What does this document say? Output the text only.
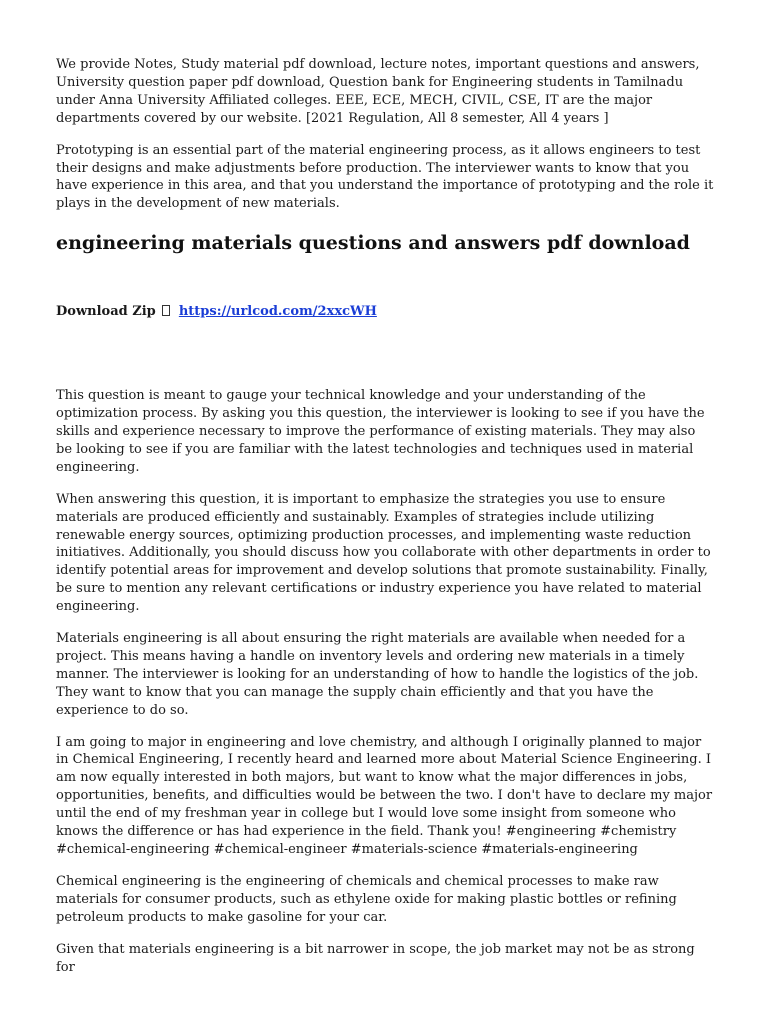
We provide Notes, Study material pdf download, lecture notes, important questions and answers, University question paper pdf download, Question bank for Engineering students in Tamilnadu under Anna University Affiliated colleges. EEE, ECE, MECH, CIVIL, CSE, IT are the major departments covered by our website. [2021 Regulation, All 8 semester, All 4 years ]

Prototyping is an essential part of the material engineering process, as it allows engineers to test their designs and make adjustments before production. The interviewer wants to know that you have experience in this area, and that you understand the importance of prototyping and the role it plays in the development of new materials.

engineering materials questions and answers pdf download
Download Zip https://urlcod.com/2xxcWH

This question is meant to gauge your technical knowledge and your understanding of the optimization process. By asking you this question, the interviewer is looking to see if you have the skills and experience necessary to improve the performance of existing materials. They may also be looking to see if you are familiar with the latest technologies and techniques used in material engineering.

When answering this question, it is important to emphasize the strategies you use to ensure materials are produced efficiently and sustainably. Examples of strategies include utilizing renewable energy sources, optimizing production processes, and implementing waste reduction initiatives. Additionally, you should discuss how you collaborate with other departments in order to identify potential areas for improvement and develop solutions that promote sustainability. Finally, be sure to mention any relevant certifications or industry experience you have related to material engineering.

Materials engineering is all about ensuring the right materials are available when needed for a project. This means having a handle on inventory levels and ordering new materials in a timely manner. The interviewer is looking for an understanding of how to handle the logistics of the job. They want to know that you can manage the supply chain efficiently and that you have the experience to do so.

I am going to major in engineering and love chemistry, and although I originally planned to major in Chemical Engineering, I recently heard and learned more about Material Science Engineering. I am now equally interested in both majors, but want to know what the major differences in jobs, opportunities, benefits, and difficulties would be between the two. I don't have to declare my major until the end of my freshman year in college but I would love some insight from someone who knows the difference or has had experience in the field. Thank you! #engineering #chemistry #chemical-engineering #chemical-engineer #materials-science #materials-engineering

Chemical engineering is the engineering of chemicals and chemical processes to make raw materials for consumer products, such as ethylene oxide for making plastic bottles or refining petroleum products to make gasoline for your car.

Given that materials engineering is a bit narrower in scope, the job market may not be as strong for
